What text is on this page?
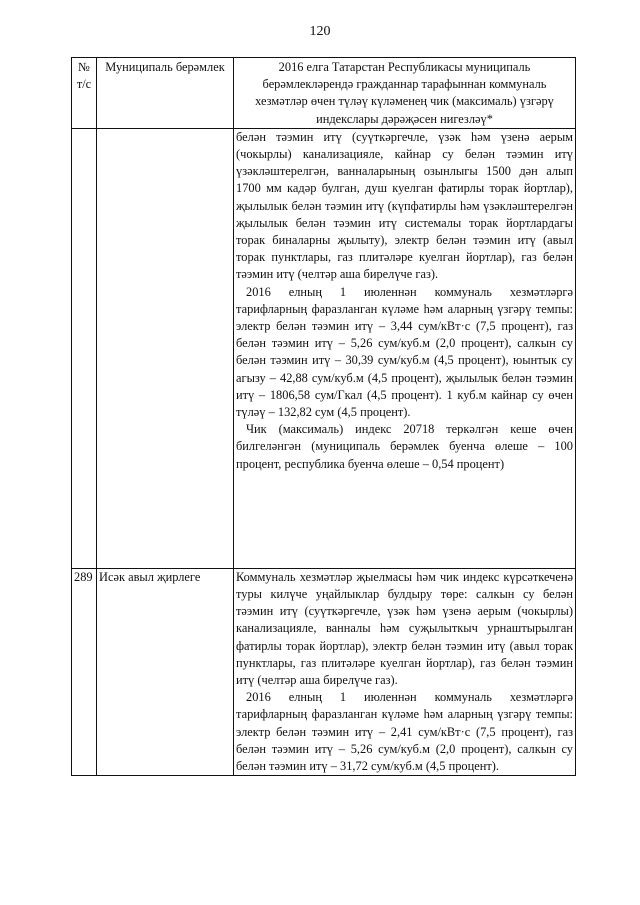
120
№ т/с	Муниципаль берәмлек	2016 елга Татарстан Республикасы муниципаль берәмлекләрендә гражданнар тарафыннан коммуналь хезмәтләр өчен түләү күләменең чик (максималь) үзгәрү индекслары дәрәҗәсен нигезләү*

		белән тәэмин итү (суүткәргечле, үзәк һәм үзенә аерым (чокырлы) канализацияле, кайнар су белән тәэмин итү үзәкләштерелгән, ванналарының озынлыгы 1500 дән алып 1700 мм кадәр булган, душ куелган фатирлы торак йортлар), җылылык белән тәэмин итү (күпфатирлы һәм үзәкләштерелгән җылылык белән тәэмин итү системалы торак йортлардагы торак биналарны җылыту), электр белән тәэмин итү (авыл торак пунктлары, газ плитәләре куелган йортлар), газ белән тәэмин итү (челтәр аша бирелүче газ).

2016 елның 1 июленнән коммуналь хезмәтләргә тарифларның фаразланган күләме һәм аларның үзгәрү темпы: электр белән тәэмин итү – 3,44 сум/кВт·с (7,5 процент), газ белән тәэмин итү – 5,26 сум/куб.м (2,0 процент), салкын су белән тәэмин итү – 30,39 сум/куб.м (4,5 процент), юынтык су агызу – 42,88 сум/куб.м (4,5 процент), җылылык белән тәэмин итү – 1806,58 сум/Гкал (4,5 процент). 1 куб.м кайнар су өчен түләү – 132,82 сум (4,5 процент).

Чик (максималь) индекс 20718 теркәлгән кеше өчен билгеләнгән (муниципаль берәмлек буенча өлеше – 100 процент, республика буенча өлеше – 0,54 процент)

289	Исәк авыл җирлеге	Коммуналь хезмәтләр җыелмасы һәм чик индекс күрсәткеченә туры килүче уңайлыклар булдыру төре: салкын су белән тәэмин итү (суүткәргечле, үзәк һәм үзенә аерым (чокырлы) канализацияле, ванналы һәм суҗылыткыч урнаштырылган фатирлы торак йортлар), электр белән тәэмин итү (авыл торак пунктлары, газ плитәләре куелган йортлар), газ белән тәэмин итү (челтәр аша бирелүче газ).

2016 елның 1 июленнән коммуналь хезмәтләргә тарифларның фаразланган күләме һәм аларның үзгәрү темпы: электр белән тәэмин итү – 2,41 сум/кВт·с (7,5 процент), газ белән тәэмин итү – 5,26 сум/куб.м (2,0 процент), салкын су белән тәэмин итү – 31,72 сум/куб.м (4,5 процент).
